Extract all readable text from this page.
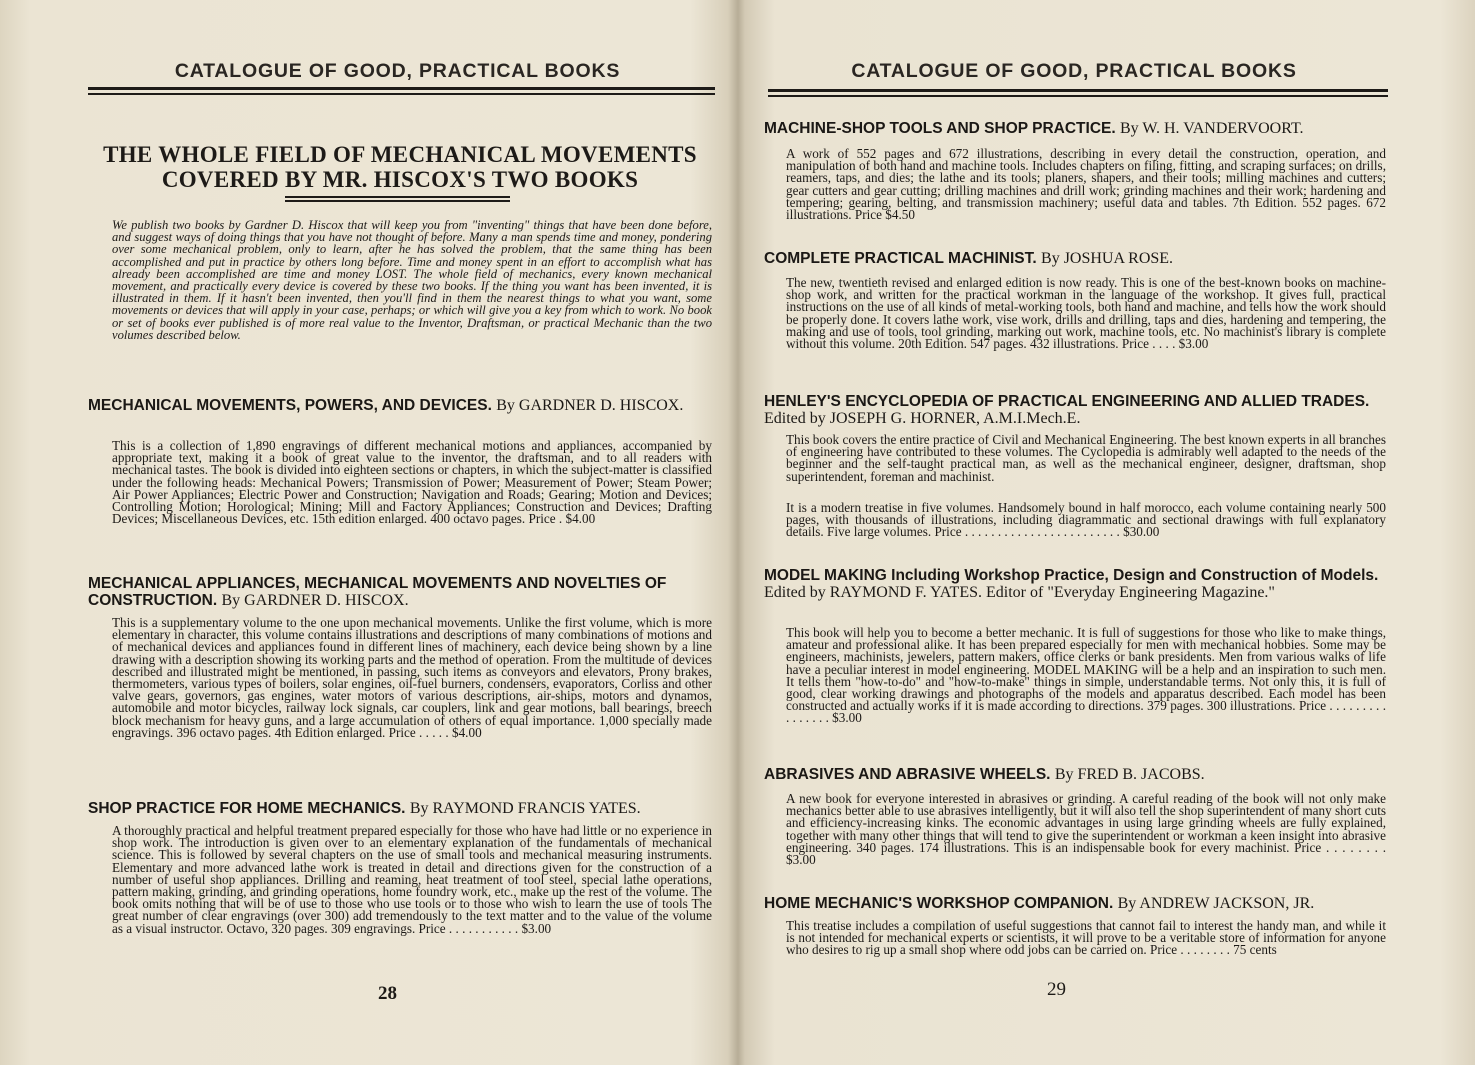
CATALOGUE OF GOOD, PRACTICAL BOOKS
THE WHOLE FIELD OF MECHANICAL MOVEMENTS COVERED BY MR. HISCOX'S TWO BOOKS
We publish two books by Gardner D. Hiscox that will keep you from "inventing" things that have been done before, and suggest ways of doing things that you have not thought of before. Many a man spends time and money, pondering over some mechanical problem, only to learn, after he has solved the problem, that the same thing has been accomplished and put in practice by others long before. Time and money spent in an effort to accomplish what has already been accomplished are time and money LOST. The whole field of mechanics, every known mechanical movement, and practically every device is covered by these two books. If the thing you want has been invented, it is illustrated in them. If it hasn't been invented, then you'll find in them the nearest things to what you want, some movements or devices that will apply in your case, perhaps; or which will give you a key from which to work. No book or set of books ever published is of more real value to the Inventor, Draftsman, or practical Mechanic than the two volumes described below.
MECHANICAL MOVEMENTS, POWERS, AND DEVICES. By GARDNER D. HISCOX.
This is a collection of 1,890 engravings of different mechanical motions and appliances, accompanied by appropriate text, making it a book of great value to the inventor, the draftsman, and to all readers with mechanical tastes. The book is divided into eighteen sections or chapters, in which the subject-matter is classified under the following heads: Mechanical Powers; Transmission of Power; Measurement of Power; Steam Power; Air Power Appliances; Electric Power and Construction; Navigation and Roads; Gearing; Motion and Devices; Controlling Motion; Horological; Mining; Mill and Factory Appliances; Construction and Devices; Drafting Devices; Miscellaneous Devices, etc. 15th edition enlarged. 400 octavo pages. Price . $4.00
MECHANICAL APPLIANCES, MECHANICAL MOVEMENTS AND NOVELTIES OF CONSTRUCTION. By GARDNER D. HISCOX.
This is a supplementary volume to the one upon mechanical movements. Unlike the first volume, which is more elementary in character, this volume contains illustrations and descriptions of many combinations of motions and of mechanical devices and appliances found in different lines of machinery, each device being shown by a line drawing with a description showing its working parts and the method of operation. From the multitude of devices described and illustrated might be mentioned, in passing, such items as conveyors and elevators, Prony brakes, thermometers, various types of boilers, solar engines, oil-fuel burners, condensers, evaporators, Corliss and other valve gears, governors, gas engines, water motors of various descriptions, air-ships, motors and dynamos, automobile and motor bicycles, railway lock signals, car couplers, link and gear motions, ball bearings, breech block mechanism for heavy guns, and a large accumulation of others of equal importance. 1,000 specially made engravings. 396 octavo pages. 4th Edition enlarged. Price . . . . . $4.00
SHOP PRACTICE FOR HOME MECHANICS. By RAYMOND FRANCIS YATES.
A thoroughly practical and helpful treatment prepared especially for those who have had little or no experience in shop work. The introduction is given over to an elementary explanation of the fundamentals of mechanical science. This is followed by several chapters on the use of small tools and mechanical measuring instruments. Elementary and more advanced lathe work is treated in detail and directions given for the construction of a number of useful shop appliances. Drilling and reaming, heat treatment of tool steel, special lathe operations, pattern making, grinding, and grinding operations, home foundry work, etc., make up the rest of the volume. The book omits nothing that will be of use to those who use tools or to those who wish to learn the use of tools The great number of clear engravings (over 300) add tremendously to the text matter and to the value of the volume as a visual instructor. Octavo, 320 pages. 309 engravings. Price . . . . . . . . . . . $3.00
28
CATALOGUE OF GOOD, PRACTICAL BOOKS
MACHINE-SHOP TOOLS AND SHOP PRACTICE. By W. H. VANDERVOORT.
A work of 552 pages and 672 illustrations, describing in every detail the construction, operation, and manipulation of both hand and machine tools. Includes chapters on filing, fitting, and scraping surfaces; on drills, reamers, taps, and dies; the lathe and its tools; planers, shapers, and their tools; milling machines and cutters; gear cutters and gear cutting; drilling machines and drill work; grinding machines and their work; hardening and tempering; gearing, belting, and transmission machinery; useful data and tables. 7th Edition. 552 pages. 672 illustrations. Price $4.50
COMPLETE PRACTICAL MACHINIST. By JOSHUA ROSE.
The new, twentieth revised and enlarged edition is now ready. This is one of the best-known books on machine-shop work, and written for the practical workman in the language of the workshop. It gives full, practical instructions on the use of all kinds of metal-working tools, both hand and machine, and tells how the work should be properly done. It covers lathe work, vise work, drills and drilling, taps and dies, hardening and tempering, the making and use of tools, tool grinding, marking out work, machine tools, etc. No machinist's library is complete without this volume. 20th Edition. 547 pages. 432 illustrations. Price . . . . $3.00
HENLEY'S ENCYCLOPEDIA OF PRACTICAL ENGINEERING AND ALLIED TRADES. Edited by JOSEPH G. HORNER, A.M.I.Mech.E.
This book covers the entire practice of Civil and Mechanical Engineering. The best known experts in all branches of engineering have contributed to these volumes. The Cyclopedia is admirably well adapted to the needs of the beginner and the self-taught practical man, as well as the mechanical engineer, designer, draftsman, shop superintendent, foreman and machinist.
It is a modern treatise in five volumes. Handsomely bound in half morocco, each volume containing nearly 500 pages, with thousands of illustrations, including diagrammatic and sectional drawings with full explanatory details. Five large volumes. Price . . . . . . . . . . . . . . . . . . . . . . . . $30.00
MODEL MAKING Including Workshop Practice, Design and Construction of Models. Edited by RAYMOND F. YATES. Editor of "Everyday Engineering Magazine."
This book will help you to become a better mechanic. It is full of suggestions for those who like to make things, amateur and professional alike. It has been prepared especially for men with mechanical hobbies. Some may be engineers, machinists, jewelers, pattern makers, office clerks or bank presidents. Men from various walks of life have a peculiar interest in model engineering. MODEL MAKING will be a help and an inspiration to such men. It tells them "how-to-do" and "how-to-make" things in simple, understandable terms. Not only this, it is full of good, clear working drawings and photographs of the models and apparatus described. Each model has been constructed and actually works if it is made according to directions. 379 pages. 300 illustrations. Price . . . . . . . . . . . . . . . . $3.00
ABRASIVES AND ABRASIVE WHEELS. By FRED B. JACOBS.
A new book for everyone interested in abrasives or grinding. A careful reading of the book will not only make mechanics better able to use abrasives intelligently, but it will also tell the shop superintendent of many short cuts and efficiency-increasing kinks. The economic advantages in using large grinding wheels are fully explained, together with many other things that will tend to give the superintendent or workman a keen insight into abrasive engineering. 340 pages. 174 illustrations. This is an indispensable book for every machinist. Price . . . . . . . . $3.00
HOME MECHANIC'S WORKSHOP COMPANION. By ANDREW JACKSON, JR.
This treatise includes a compilation of useful suggestions that cannot fail to interest the handy man, and while it is not intended for mechanical experts or scientists, it will prove to be a veritable store of information for anyone who desires to rig up a small shop where odd jobs can be carried on. Price . . . . . . . . 75 cents
29
